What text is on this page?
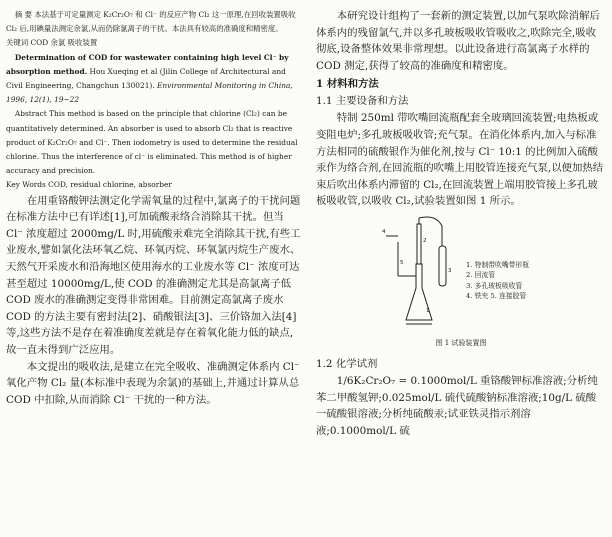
摘 要 本法基于可定量测定 K₂Cr₂O₇ 和 Cl⁻ 的反应产物 Cl₂ 这一原理,在回收装置吸收 Cl₂ 后,用碘量法测定余氯,从而仍除氯离子的干扰。本法具有较高的准确度和精密度。

关键词 COD 余氯 吸收装置

Determination of COD for wastewater containing high level Cl⁻ by absorption method. Hou Xueqing et al (Jilin College of Architectural and Civil Engineering, Changchun 130021). Environmental Monitoring in China, 1996, 12(1), 19~22

Abstract This method is based on the principle that chlorine (Cl₂) can be quantitatively determined. An absorber is used to absorb Cl₂ that is reactive product of K₂Cr₂O₇ and Cl⁻. Then iodometry is used to determine the residual chlorine. Thus the interference of cl⁻ is eliminated. This method is of higher accuracy and precision.

Key Words COD, residual chlorine, absorber

在用重铬酸钾法测定化学需氧量的过程中,氯离子的干扰问题在标准方法中已有详述[1],可加硫酸汞络合消除其干扰。但当 Cl⁻ 浓度超过 2000mg/L 时,用硫酸汞难完全消除其干扰,有些工业废水,譬如氯化法环氧乙烷、环氧丙烷、环氧氯丙烷生产废水、天然气开采废水和沿海地区使用海水的工业废水等 Cl⁻ 浓度可达甚至超过 10000mg/L,使 COD 的准确测定尤其是高氯离子低 COD 废水的准确测定变得非常困难。目前测定高氯离子废水 COD 的方法主要有密封法[2]、硝酸银法[3]、三价铬加入法[4]等,这些方法不是存在着准确度差就是存在着氧化能力低的缺点,故一直未得到广泛应用。

本文提出的吸收法,是建立在完全吸收、准确测定体系内 Cl⁻ 氧化产物 Cl₂ 量(本标准中表现为余氯)的基础上,并通过计算从总 COD 中扣除,从而消除 Cl⁻ 干扰的一种方法。

本研究设计组构了一套新的测定装置,以加气泵吹除消解后体系内的残留氯气,并以多孔玻板吸收管吸收之,吹除完全,吸收彻底,设备整体效果非常理想。以此设备进行高氯离子水样的 COD 测定,获得了较高的准确度和精密度。

1 材料和方法

1.1 主要设备和方法

特制 250ml 带吹嘴回流瓶配套全玻璃回流装置;电热板或变阻电炉;多孔玻板吸收管;充气泵。在消化体系内,加入与标准方法相同的硫酸银作为催化剂,按与 Cl⁻ 10:1 的比例加入硫酸汞作为络合剂,在回流瓶的吹嘴上用胶管连接充气泵,以便加热结束后吹出体系内滞留的 Cl₂,在回流装置上端用胶管接上多孔玻板吸收管,以吸收 Cl₂,试验装置如图 1 所示。

1
2
3
4
5	1. 特制带吹嘴带形瓶
2. 回流管
3. 多孔玻板吸收管
4. 铁夹 5. 连接胶管
图 1 试验装置图

1.2 化学试剂

1/6K₂Cr₂O₇ = 0.1000mol/L 重铬酸钾标准溶液;分析纯苯二甲酸氢钾;0.025mol/L 硫代硫酸钠标准溶液;10g/L 硫酸一硫酸银溶液;分析纯硫酸汞;试亚铁灵指示剂溶液;0.1000mol/L 硫
